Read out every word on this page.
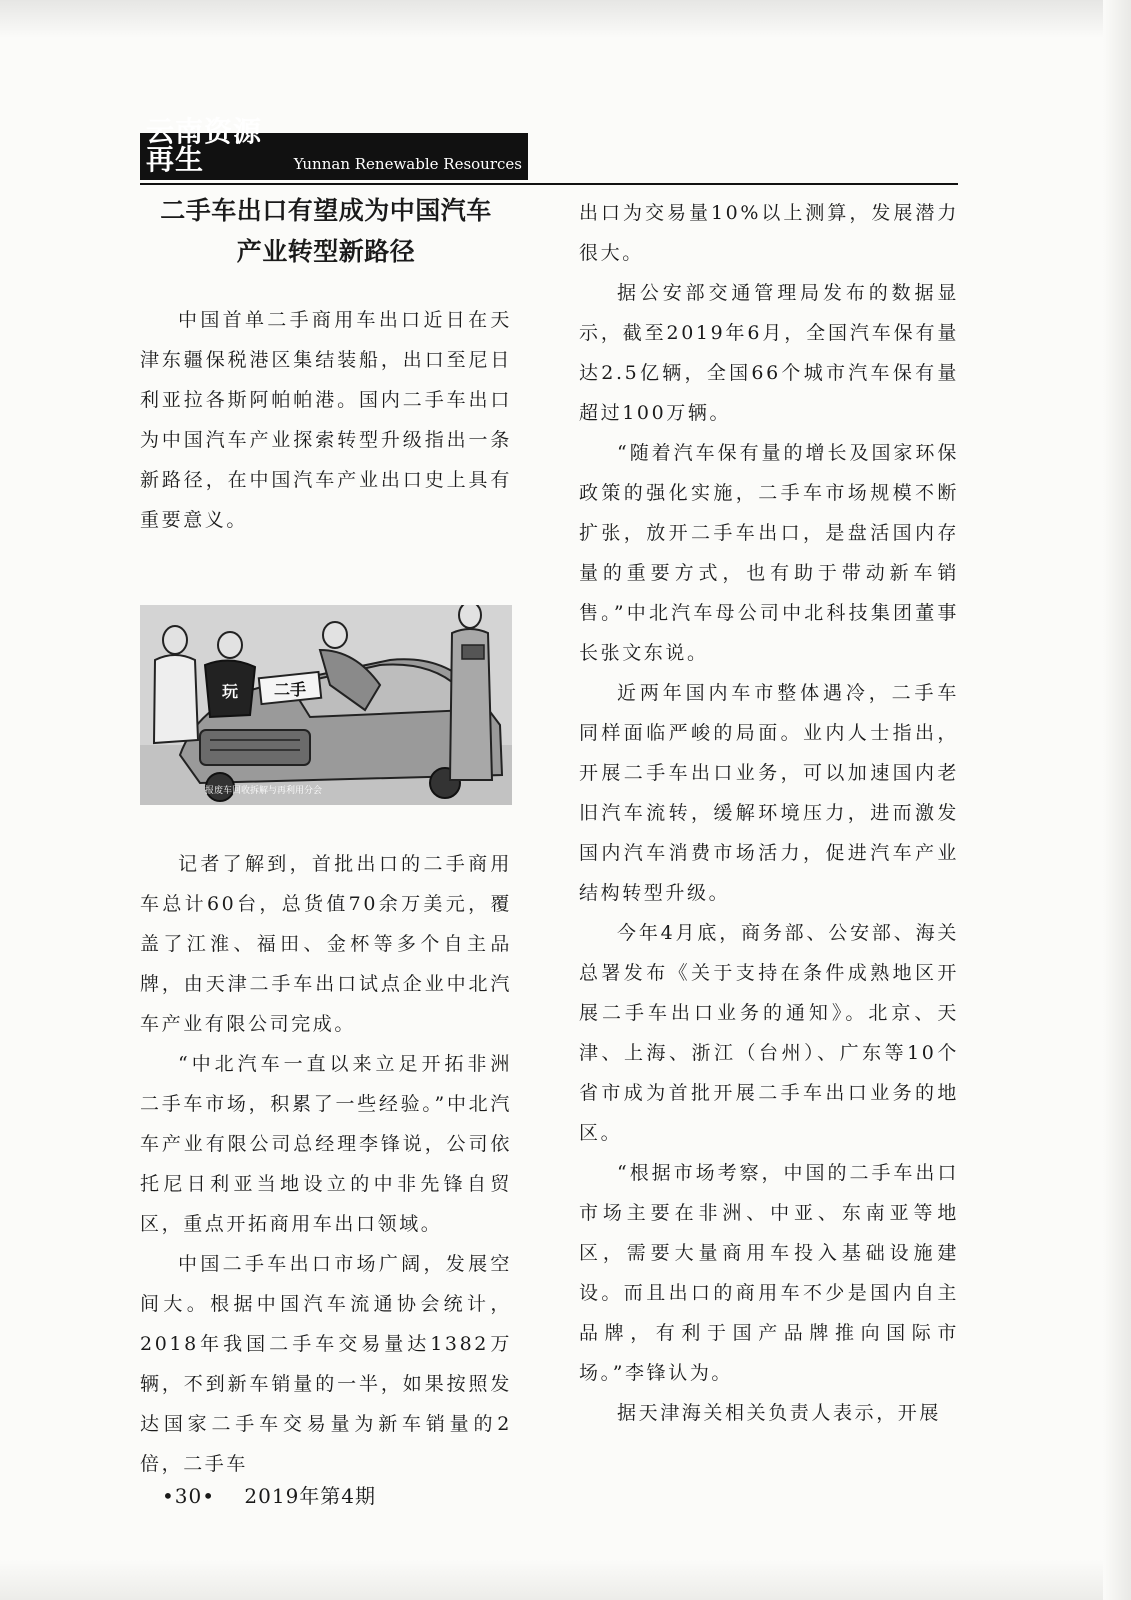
云南资源再生	Yunnan Renewable Resources
二手车出口有望成为中国汽车
产业转型新路径

中国首单二手商用车出口近日在天津东疆保税港区集结装船，出口至尼日利亚拉各斯阿帕帕港。国内二手车出口为中国汽车产业探索转型升级指出一条新路径，在中国汽车产业出口史上具有重要意义。

记者了解到，首批出口的二手商用车总计60台，总货值70余万美元，覆盖了江淮、福田、金杯等多个自主品牌，由天津二手车出口试点企业中北汽车产业有限公司完成。

“中北汽车一直以来立足开拓非洲二手车市场，积累了一些经验。”中北汽车产业有限公司总经理李锋说，公司依托尼日利亚当地设立的中非先锋自贸区，重点开拓商用车出口领域。

中国二手车出口市场广阔，发展空间大。根据中国汽车流通协会统计，2018年我国二手车交易量达1382万辆，不到新车销量的一半，如果按照发达国家二手车交易量为新车销量的2倍，二手车

二手
玩
报废车回收拆解与再利用分会

出口为交易量10%以上测算，发展潜力很大。

据公安部交通管理局发布的数据显示，截至2019年6月，全国汽车保有量达2.5亿辆，全国66个城市汽车保有量超过100万辆。

“随着汽车保有量的增长及国家环保政策的强化实施，二手车市场规模不断扩张，放开二手车出口，是盘活国内存量的重要方式，也有助于带动新车销售。”中北汽车母公司中北科技集团董事长张文东说。

近两年国内车市整体遇冷，二手车同样面临严峻的局面。业内人士指出，开展二手车出口业务，可以加速国内老旧汽车流转，缓解环境压力，进而激发国内汽车消费市场活力，促进汽车产业结构转型升级。

今年4月底，商务部、公安部、海关总署发布《关于支持在条件成熟地区开展二手车出口业务的通知》。北京、天津、上海、浙江（台州）、广东等10个省市成为首批开展二手车出口业务的地区。

“根据市场考察，中国的二手车出口市场主要在非洲、中亚、东南亚等地区，需要大量商用车投入基础设施建设。而且出口的商用车不少是国内自主品牌，有利于国产品牌推向国际市场。”李锋认为。

据天津海关相关负责人表示，开展

•30• 2019年第4期
